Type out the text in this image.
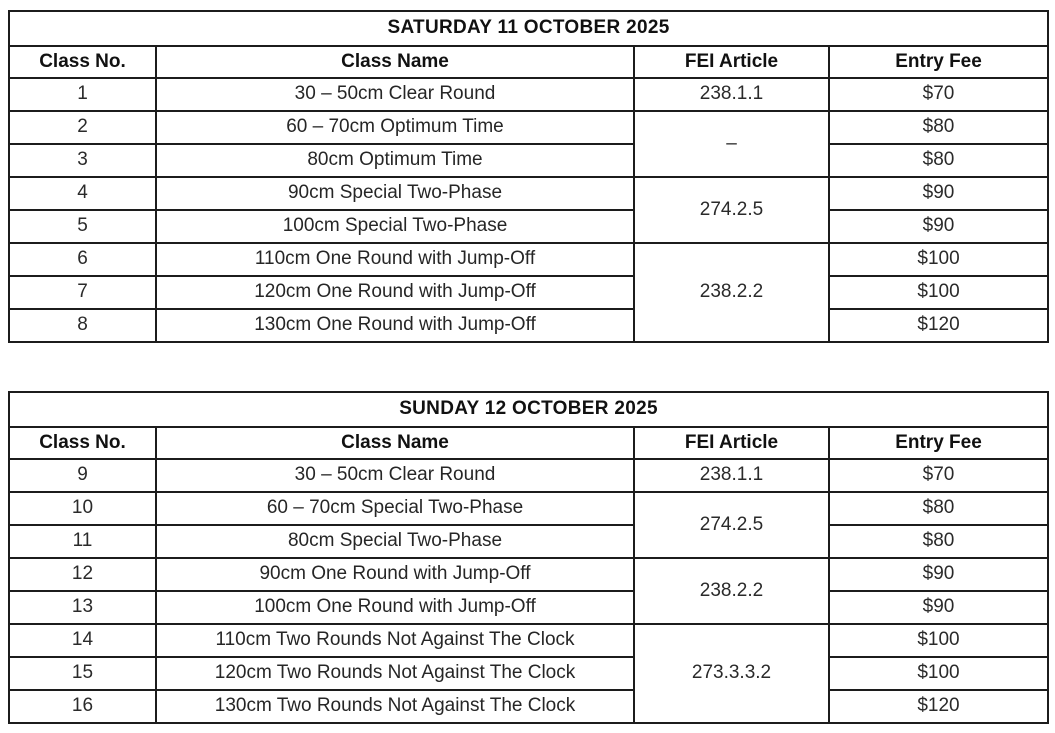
SATURDAY 11 OCTOBER 2025			
Class No.	Class Name	FEI Article	Entry Fee
1	30 – 50cm Clear Round	238.1.1	$70
2	60 – 70cm Optimum Time	–	$80
3	80cm Optimum Time		$80
4	90cm Special Two-Phase	274.2.5	$90
5	100cm Special Two-Phase		$90
6	110cm One Round with Jump-Off	238.2.2	$100
7	120cm One Round with Jump-Off		$100
8	130cm One Round with Jump-Off		$120
SUNDAY 12 OCTOBER 2025			
Class No.	Class Name	FEI Article	Entry Fee
9	30 – 50cm Clear Round	238.1.1	$70
10	60 – 70cm Special Two-Phase	274.2.5	$80
11	80cm Special Two-Phase		$80
12	90cm One Round with Jump-Off	238.2.2	$90
13	100cm One Round with Jump-Off		$90
14	110cm Two Rounds Not Against The Clock	273.3.3.2	$100
15	120cm Two Rounds Not Against The Clock		$100
16	130cm Two Rounds Not Against The Clock		$120
